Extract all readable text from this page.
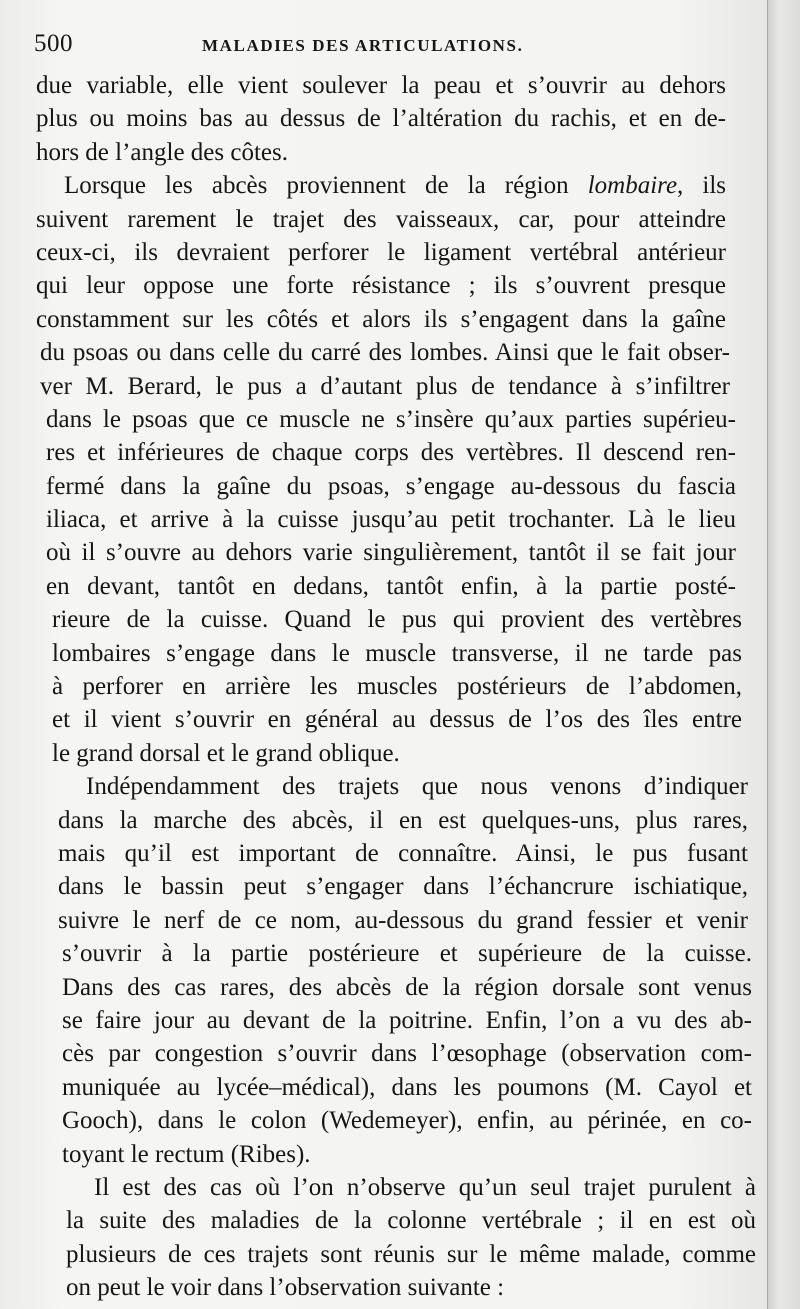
500	MALADIES DES ARTICULATIONS.
due variable, elle vient soulever la peau et s’ouvrir au dehors
plus ou moins bas au dessus de l’altération du rachis, et en de-
hors de l’angle des côtes.
Lorsque les abcès proviennent de la région lombaire, ils
suivent rarement le trajet des vaisseaux, car, pour atteindre
ceux-ci, ils devraient perforer le ligament vertébral antérieur
qui leur oppose une forte résistance ; ils s’ouvrent presque
constamment sur les côtés et alors ils s’engagent dans la gaîne
du psoas ou dans celle du carré des lombes. Ainsi que le fait obser-
ver M. Berard, le pus a d’autant plus de tendance à s’infiltrer
dans le psoas que ce muscle ne s’insère qu’aux parties supérieu-
res et inférieures de chaque corps des vertèbres. Il descend ren-
fermé dans la gaîne du psoas, s’engage au-dessous du fascia
iliaca, et arrive à la cuisse jusqu’au petit trochanter. Là le lieu
où il s’ouvre au dehors varie singulièrement, tantôt il se fait jour
en devant, tantôt en dedans, tantôt enfin, à la partie posté-
rieure de la cuisse. Quand le pus qui provient des vertèbres
lombaires s’engage dans le muscle transverse, il ne tarde pas
à perforer en arrière les muscles postérieurs de l’abdomen,
et il vient s’ouvrir en général au dessus de l’os des îles entre
le grand dorsal et le grand oblique.
Indépendamment des trajets que nous venons d’indiquer
dans la marche des abcès, il en est quelques-uns, plus rares,
mais qu’il est important de connaître. Ainsi, le pus fusant
dans le bassin peut s’engager dans l’échancrure ischiatique,
suivre le nerf de ce nom, au-dessous du grand fessier et venir
s’ouvrir à la partie postérieure et supérieure de la cuisse.
Dans des cas rares, des abcès de la région dorsale sont venus
se faire jour au devant de la poitrine. Enfin, l’on a vu des ab-
cès par congestion s’ouvrir dans l’œsophage (observation com-
muniquée au lycée–médical), dans les poumons (M. Cayol et
Gooch), dans le colon (Wedemeyer), enfin, au périnée, en co-
toyant le rectum (Ribes).
Il est des cas où l’on n’observe qu’un seul trajet purulent à
la suite des maladies de la colonne vertébrale ; il en est où
plusieurs de ces trajets sont réunis sur le même malade, comme
on peut le voir dans l’observation suivante :
